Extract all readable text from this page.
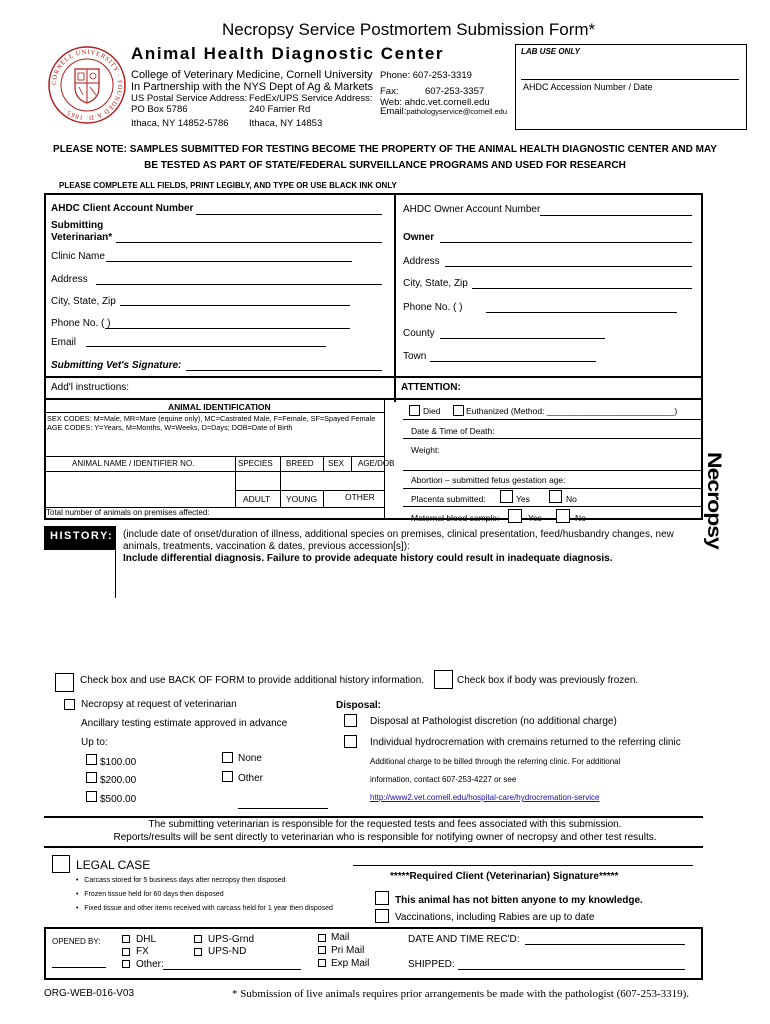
Necropsy Service Postmortem Submission Form*
CORNELL UNIVERSITY · FOUNDED A.D. 1865 ·
Animal Health Diagnostic Center
College of Veterinary Medicine, Cornell University
In Partnership with the NYS Dept of Ag & Markets
US Postal Service Address:
PO Box 5786
Ithaca, NY 14852-5786
FedEx/UPS Service Address:
240 Farrier Rd
Ithaca, NY 14853
Phone: 607-253-3319
Fax:	607-253-3357
Web: ahdc.vet.cornell.edu
Email:pathologyservice@cornell.edu
LAB USE ONLY
AHDC Accession Number / Date
PLEASE NOTE: SAMPLES SUBMITTED FOR TESTING BECOME THE PROPERTY OF THE ANIMAL HEALTH DIAGNOSTIC CENTER AND MAY
BE TESTED AS PART OF STATE/FEDERAL SURVEILLANCE PROGRAMS AND USED FOR RESEARCH
PLEASE COMPLETE ALL FIELDS, PRINT LEGIBLY, AND TYPE OR USE BLACK INK ONLY
AHDC Client Account Number
Submitting
Veterinarian*
Clinic Name
Address
City, State, Zip
Phone No. ( )
Email
Submitting Vet's Signature:
AHDC Owner Account Number
Owner
Address
City, State, Zip
Phone No. ( )
County
Town
Add'l instructions:	ATTENTION:
ANIMAL IDENTIFICATION
SEX CODES: M=Male, MR=Mare (equine only), MC=Castrated Male, F=Female, SF=Spayed Female
AGE CODES: Y=Years, M=Months, W=Weeks, D=Days; DOB=Date of Birth
ANIMAL NAME / IDENTIFIER NO.	SPECIES BREED SEX AGE/DOB
ADULT YOUNG	OTHER
Total number of animals on premises affected:
Died	Euthanized (Method: ___________________________)
Date & Time of Death:
Weight:
Abortion – submitted fetus gestation age:
Placenta submitted:	Yes	No
Maternal blood sample:	Yes	No	Necropsy
HISTORY: (include date of onset/duration of illness, additional species on premises, clinical presentation, feed/husbandry changes, new
animals, treatments, vaccination & dates, previous accession[s]):
Include differential diagnosis. Failure to provide adequate history could result in inadequate diagnosis.
Check box and use BACK OF FORM to provide additional history information.	Check box if body was previously frozen.
Necropsy at request of veterinarian
Ancillary testing estimate approved in advance
Up to:
$100.00
$200.00
$500.00
None
Other
Disposal:
Disposal at Pathologist discretion (no additional charge)
Individual hydrocremation with cremains returned to the referring clinic
Additional charge to be billed through the referring clinic. For additional
information, contact 607-253-4227 or see
http://www2.vet.cornell.edu/hospital-care/hydrocremation-service
The submitting veterinarian is responsible for the requested tests and fees associated with this submission.
Reports/results will be sent directly to veterinarian who is responsible for notifying owner of necropsy and other test results.
LEGAL CASE
•   Carcass stored for 5 business days after necropsy then disposed
•   Frozen tissue held for 60 days then disposed
•   Fixed tissue and other items received with carcass held for 1 year then disposed
*****Required Client (Veterinarian) Signature*****
This animal has not bitten anyone to my knowledge.
Vaccinations, including Rabies are up to date
OPENED BY:	DHL
FX
Other:
UPS-Grnd
UPS-ND
Mail
Pri Mail
Exp Mail
DATE AND TIME REC'D:
SHIPPED:
ORG-WEB-016-V03	* Submission of live animals requires prior arrangements be made with the pathologist (607-253-3319).
